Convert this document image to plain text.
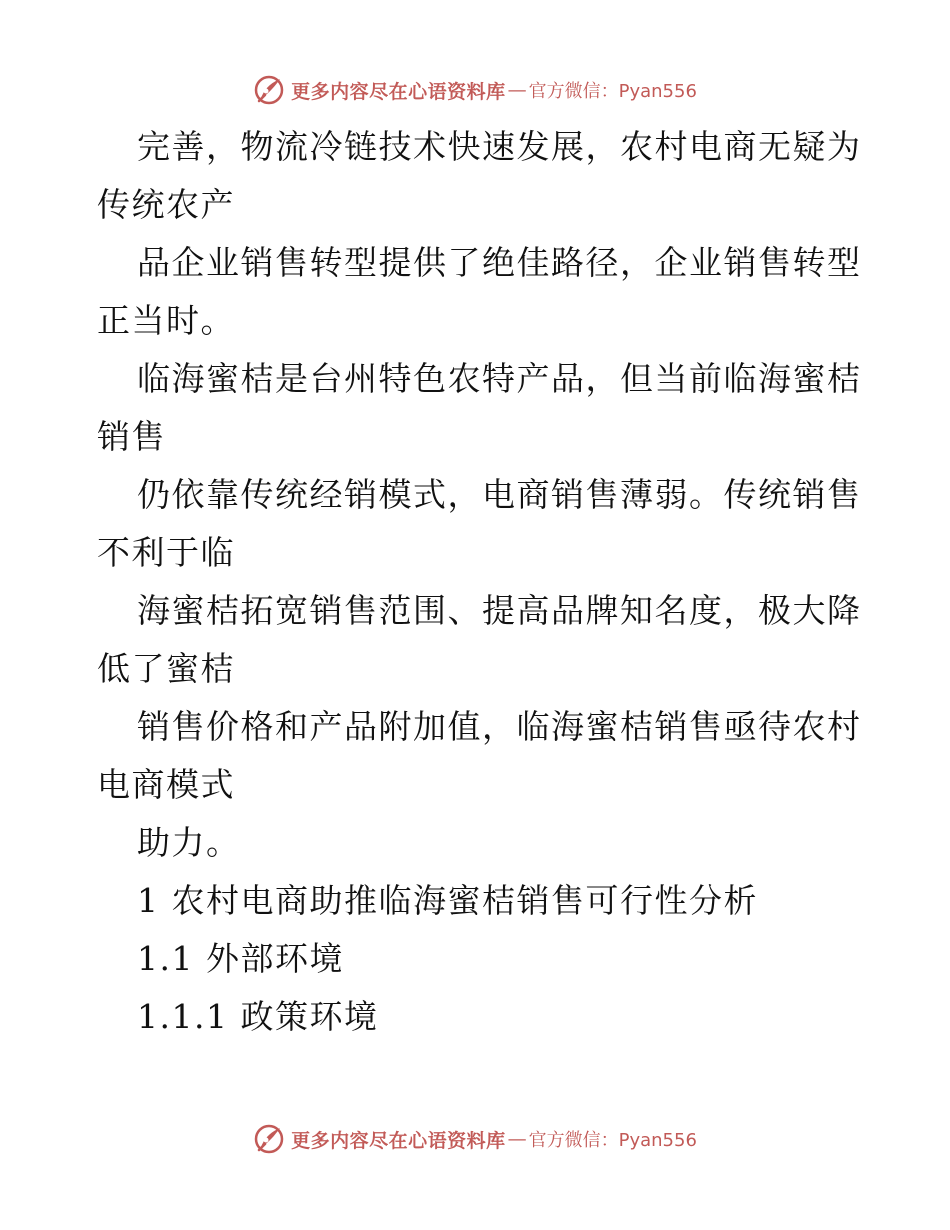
更多内容尽在心语资料库 — 官方微信：Pyan556
完善，物流冷链技术快速发展，农村电商无疑为
传统农产
品企业销售转型提供了绝佳路径，企业销售转型
正当时。
临海蜜桔是台州特色农特产品，但当前临海蜜桔
销售
仍依靠传统经销模式，电商销售薄弱。传统销售
不利于临
海蜜桔拓宽销售范围、提高品牌知名度，极大降
低了蜜桔
销售价格和产品附加值，临海蜜桔销售亟待农村
电商模式
助力。
1 农村电商助推临海蜜桔销售可行性分析
1.1 外部环境
1.1.1 政策环境
更多内容尽在心语资料库 — 官方微信：Pyan556
